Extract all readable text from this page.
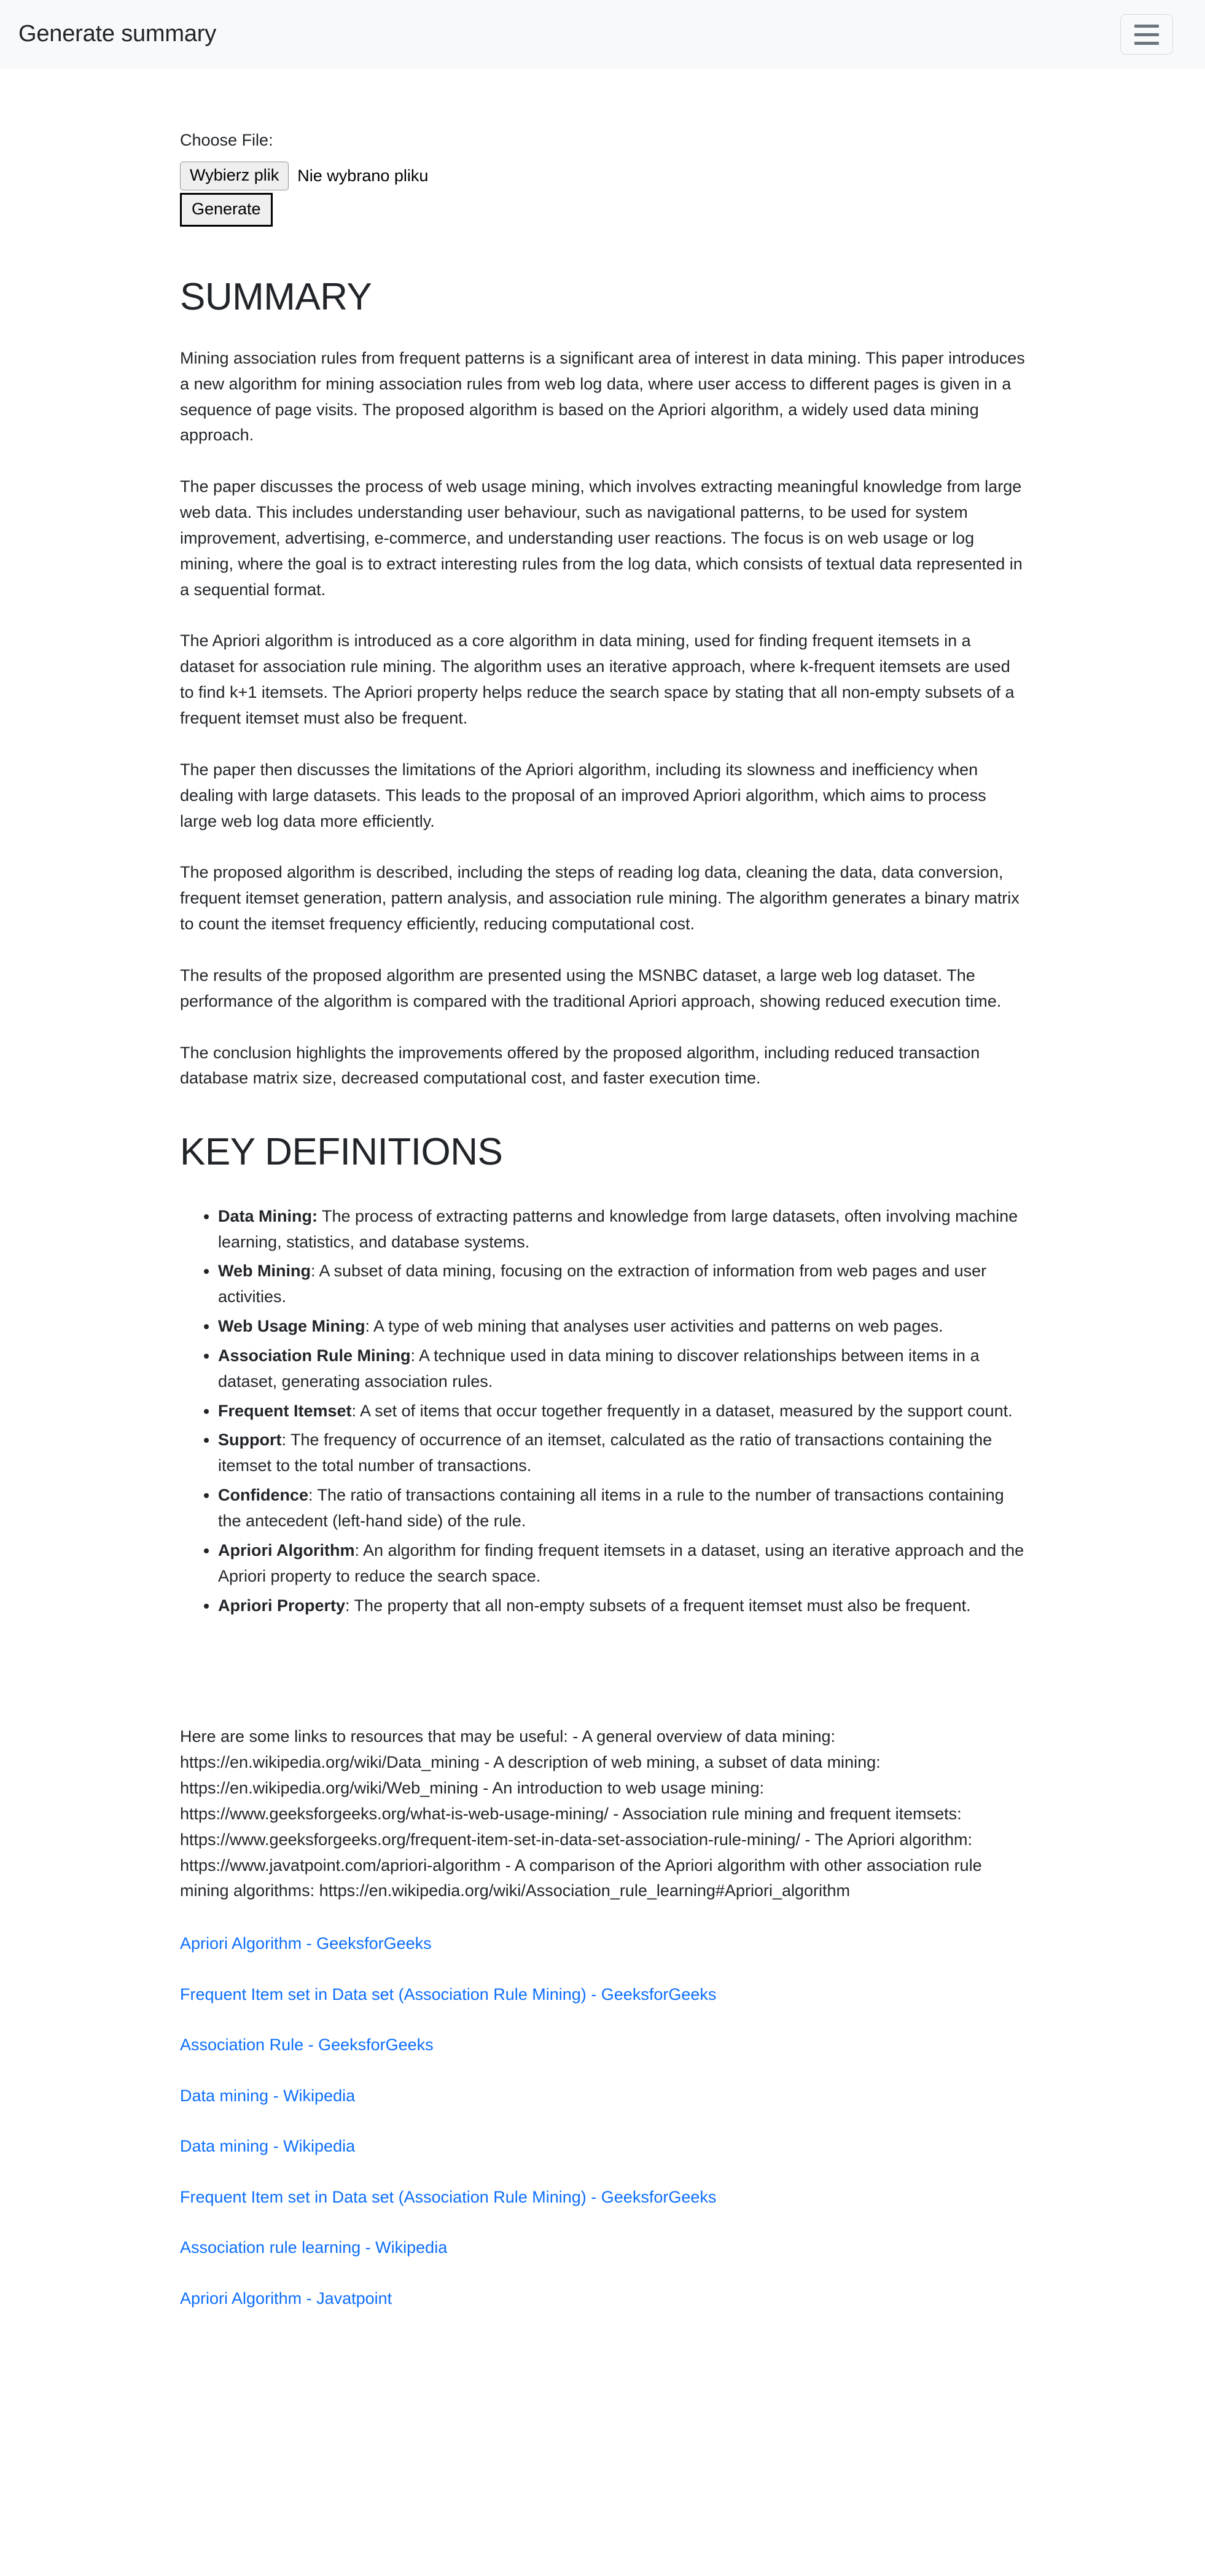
Generate summary
Choose File:
Wybierz plik	Nie wybrano pliku
Generate
SUMMARY

Mining association rules from frequent patterns is a significant area of interest in data mining. This paper introduces a new algorithm for mining association rules from web log data, where user access to different pages is given in a sequence of page visits. The proposed algorithm is based on the Apriori algorithm, a widely used data mining approach.

The paper discusses the process of web usage mining, which involves extracting meaningful knowledge from large web data. This includes understanding user behaviour, such as navigational patterns, to be used for system improvement, advertising, e-commerce, and understanding user reactions. The focus is on web usage or log mining, where the goal is to extract interesting rules from the log data, which consists of textual data represented in a sequential format.

The Apriori algorithm is introduced as a core algorithm in data mining, used for finding frequent itemsets in a dataset for association rule mining. The algorithm uses an iterative approach, where k-frequent itemsets are used to find k+1 itemsets. The Apriori property helps reduce the search space by stating that all non-empty subsets of a frequent itemset must also be frequent.

The paper then discusses the limitations of the Apriori algorithm, including its slowness and inefficiency when dealing with large datasets. This leads to the proposal of an improved Apriori algorithm, which aims to process large web log data more efficiently.

The proposed algorithm is described, including the steps of reading log data, cleaning the data, data conversion, frequent itemset generation, pattern analysis, and association rule mining. The algorithm generates a binary matrix to count the itemset frequency efficiently, reducing computational cost.

The results of the proposed algorithm are presented using the MSNBC dataset, a large web log dataset. The performance of the algorithm is compared with the traditional Apriori approach, showing reduced execution time.

The conclusion highlights the improvements offered by the proposed algorithm, including reduced transaction database matrix size, decreased computational cost, and faster execution time.

KEY DEFINITIONS
• Data Mining: The process of extracting patterns and knowledge from large datasets, often involving machine learning, statistics, and database systems.
• Web Mining: A subset of data mining, focusing on the extraction of information from web pages and user activities.
• Web Usage Mining: A type of web mining that analyses user activities and patterns on web pages.
• Association Rule Mining: A technique used in data mining to discover relationships between items in a dataset, generating association rules.
• Frequent Itemset: A set of items that occur together frequently in a dataset, measured by the support count.
• Support: The frequency of occurrence of an itemset, calculated as the ratio of transactions containing the itemset to the total number of transactions.
• Confidence: The ratio of transactions containing all items in a rule to the number of transactions containing the antecedent (left-hand side) of the rule.
• Apriori Algorithm: An algorithm for finding frequent itemsets in a dataset, using an iterative approach and the Apriori property to reduce the search space.
• Apriori Property: The property that all non-empty subsets of a frequent itemset must also be frequent.

Here are some links to resources that may be useful: - A general overview of data mining: https://en.wikipedia.org/wiki/Data_mining - A description of web mining, a subset of data mining: https://en.wikipedia.org/wiki/Web_mining - An introduction to web usage mining: https://www.geeksforgeeks.org/what-is-web-usage-mining/ - Association rule mining and frequent itemsets: https://www.geeksforgeeks.org/frequent-item-set-in-data-set-association-rule-mining/ - The Apriori algorithm: https://www.javatpoint.com/apriori-algorithm - A comparison of the Apriori algorithm with other association rule mining algorithms: https://en.wikipedia.org/wiki/Association_rule_learning#Apriori_algorithm

Apriori Algorithm - GeeksforGeeks
Frequent Item set in Data set (Association Rule Mining) - GeeksforGeeks
Association Rule - GeeksforGeeks
Data mining - Wikipedia
Data mining - Wikipedia
Frequent Item set in Data set (Association Rule Mining) - GeeksforGeeks
Association rule learning - Wikipedia
Apriori Algorithm - Javatpoint
